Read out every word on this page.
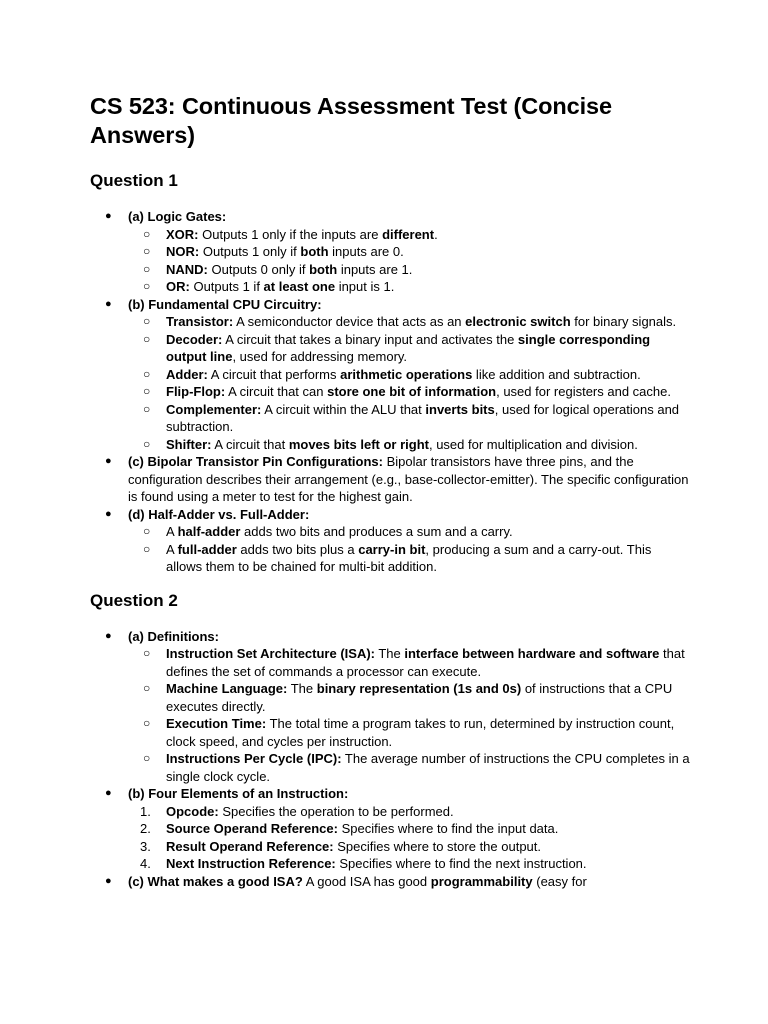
CS 523: Continuous Assessment Test (Concise Answers)
Question 1
●	(a) Logic Gates:
○ XOR: Outputs 1 only if the inputs are different.
○ NOR: Outputs 1 only if both inputs are 0.
○ NAND: Outputs 0 only if both inputs are 1.
○ OR: Outputs 1 if at least one input is 1.
●	(b) Fundamental CPU Circuitry:
○ Transistor: A semiconductor device that acts as an electronic switch for binary signals.
○ Decoder: A circuit that takes a binary input and activates the single corresponding output line, used for addressing memory.
○ Adder: A circuit that performs arithmetic operations like addition and subtraction.
○ Flip-Flop: A circuit that can store one bit of information, used for registers and cache.
○ Complementer: A circuit within the ALU that inverts bits, used for logical operations and subtraction.
○ Shifter: A circuit that moves bits left or right, used for multiplication and division.
●	(c) Bipolar Transistor Pin Configurations: Bipolar transistors have three pins, and the configuration describes their arrangement (e.g., base-collector-emitter). The specific configuration is found using a meter to test for the highest gain.
●	(d) Half-Adder vs. Full-Adder:
○ A half-adder adds two bits and produces a sum and a carry.
○ A full-adder adds two bits plus a carry-in bit, producing a sum and a carry-out. This allows them to be chained for multi-bit addition.
Question 2
●	(a) Definitions:
○ Instruction Set Architecture (ISA): The interface between hardware and software that defines the set of commands a processor can execute.
○ Machine Language: The binary representation (1s and 0s) of instructions that a CPU executes directly.
○ Execution Time: The total time a program takes to run, determined by instruction count, clock speed, and cycles per instruction.
○ Instructions Per Cycle (IPC): The average number of instructions the CPU completes in a single clock cycle.
●	(b) Four Elements of an Instruction:
1. Opcode: Specifies the operation to be performed.
2. Source Operand Reference: Specifies where to find the input data.
3. Result Operand Reference: Specifies where to store the output.
4. Next Instruction Reference: Specifies where to find the next instruction.
●	(c) What makes a good ISA? A good ISA has good programmability (easy for
